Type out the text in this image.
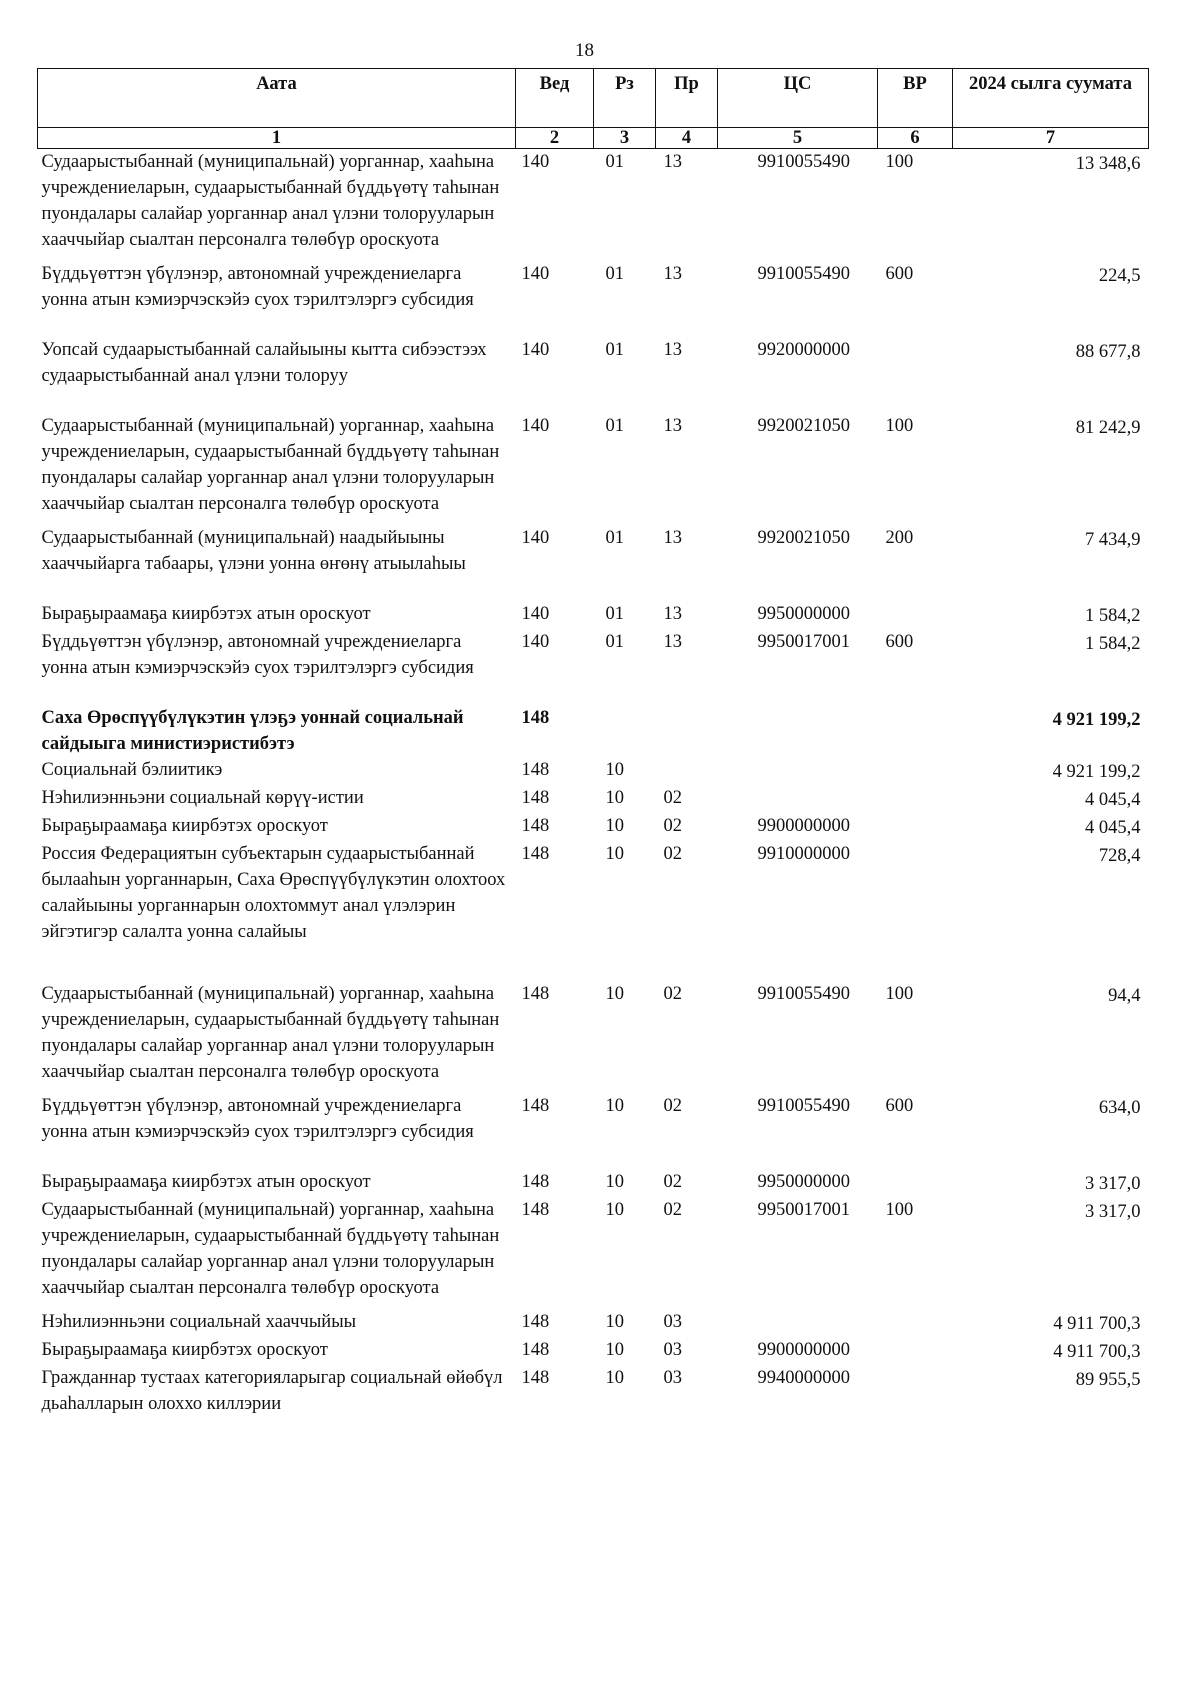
18
Аата	Вед	Рз	Пр	ЦС	ВР	2024 сылга суумата
1	2	3	4	5	6	7
Судаарыстыбаннай (муниципальнай) уорганнар, хааһына учреждениеларын, судаарыстыбаннай бүддьүөтү таһынан пуондалары салайар уорганнар анал үлэни толорууларын хааччыйар сыалтан персоналга төлөбүр ороскуота	140	01	13	9910055490	100	13 348,6
Бүддьүөттэн үбүлэнэр, автономнай учреждениеларга уонна атын кэмиэрчэскэйэ суох тэрилтэлэргэ субсидия	140	01	13	9910055490	600	224,5
Уопсай судаарыстыбаннай салайыыны кытта сибээстээх судаарыстыбаннай анал үлэни толоруу	140	01	13	9920000000		88 677,8
Судаарыстыбаннай (муниципальнай) уорганнар, хааһына учреждениеларын, судаарыстыбаннай бүддьүөтү таһынан пуондалары салайар уорганнар анал үлэни толорууларын хааччыйар сыалтан персоналга төлөбүр ороскуота	140	01	13	9920021050	100	81 242,9
Судаарыстыбаннай (муниципальнай) наадыйыыны хааччыйарга табаары, үлэни уонна өҥөнү атыылаһыы	140	01	13	9920021050	200	7 434,9
Быраҕыраамаҕа киирбэтэх атын ороскуот	140	01	13	9950000000		1 584,2
Бүддьүөттэн үбүлэнэр, автономнай учреждениеларга уонна атын кэмиэрчэскэйэ суох тэрилтэлэргэ субсидия	140	01	13	9950017001	600	1 584,2
Саха Өрөспүүбүлүкэтин үлэҕэ уоннай социальнай сайдыыга министиэристибэтэ	148					4 921 199,2
Социальнай бэлиитикэ	148	10				4 921 199,2
Нэһилиэнньэни социальнай көрүү-истии	148	10	02			4 045,4
Быраҕыраамаҕа киирбэтэх ороскуот	148	10	02	9900000000		4 045,4
Россия Федерациятын субъектарын судаарыстыбаннай былааһын уорганнарын, Саха Өрөспүүбүлүкэтин олохтоох салайыыны уорганнарын олохтоммут анал үлэлэрин эйгэтигэр салалта уонна салайыы	148	10	02	9910000000		728,4
Судаарыстыбаннай (муниципальнай) уорганнар, хааһына учреждениеларын, судаарыстыбаннай бүддьүөтү таһынан пуондалары салайар уорганнар анал үлэни толорууларын хааччыйар сыалтан персоналга төлөбүр ороскуота	148	10	02	9910055490	100	94,4
Бүддьүөттэн үбүлэнэр, автономнай учреждениеларга уонна атын кэмиэрчэскэйэ суох тэрилтэлэргэ субсидия	148	10	02	9910055490	600	634,0
Быраҕыраамаҕа киирбэтэх атын ороскуот	148	10	02	9950000000		3 317,0
Судаарыстыбаннай (муниципальнай) уорганнар, хааһына учреждениеларын, судаарыстыбаннай бүддьүөтү таһынан пуондалары салайар уорганнар анал үлэни толорууларын хааччыйар сыалтан персоналга төлөбүр ороскуота	148	10	02	9950017001	100	3 317,0
Нэһилиэнньэни социальнай хааччыйыы	148	10	03			4 911 700,3
Быраҕыраамаҕа киирбэтэх ороскуот	148	10	03	9900000000		4 911 700,3
Гражданнар тустаах категорияларыгар социальнай өйөбүл дьаһалларын олоххо киллэрии	148	10	03	9940000000		89 955,5
